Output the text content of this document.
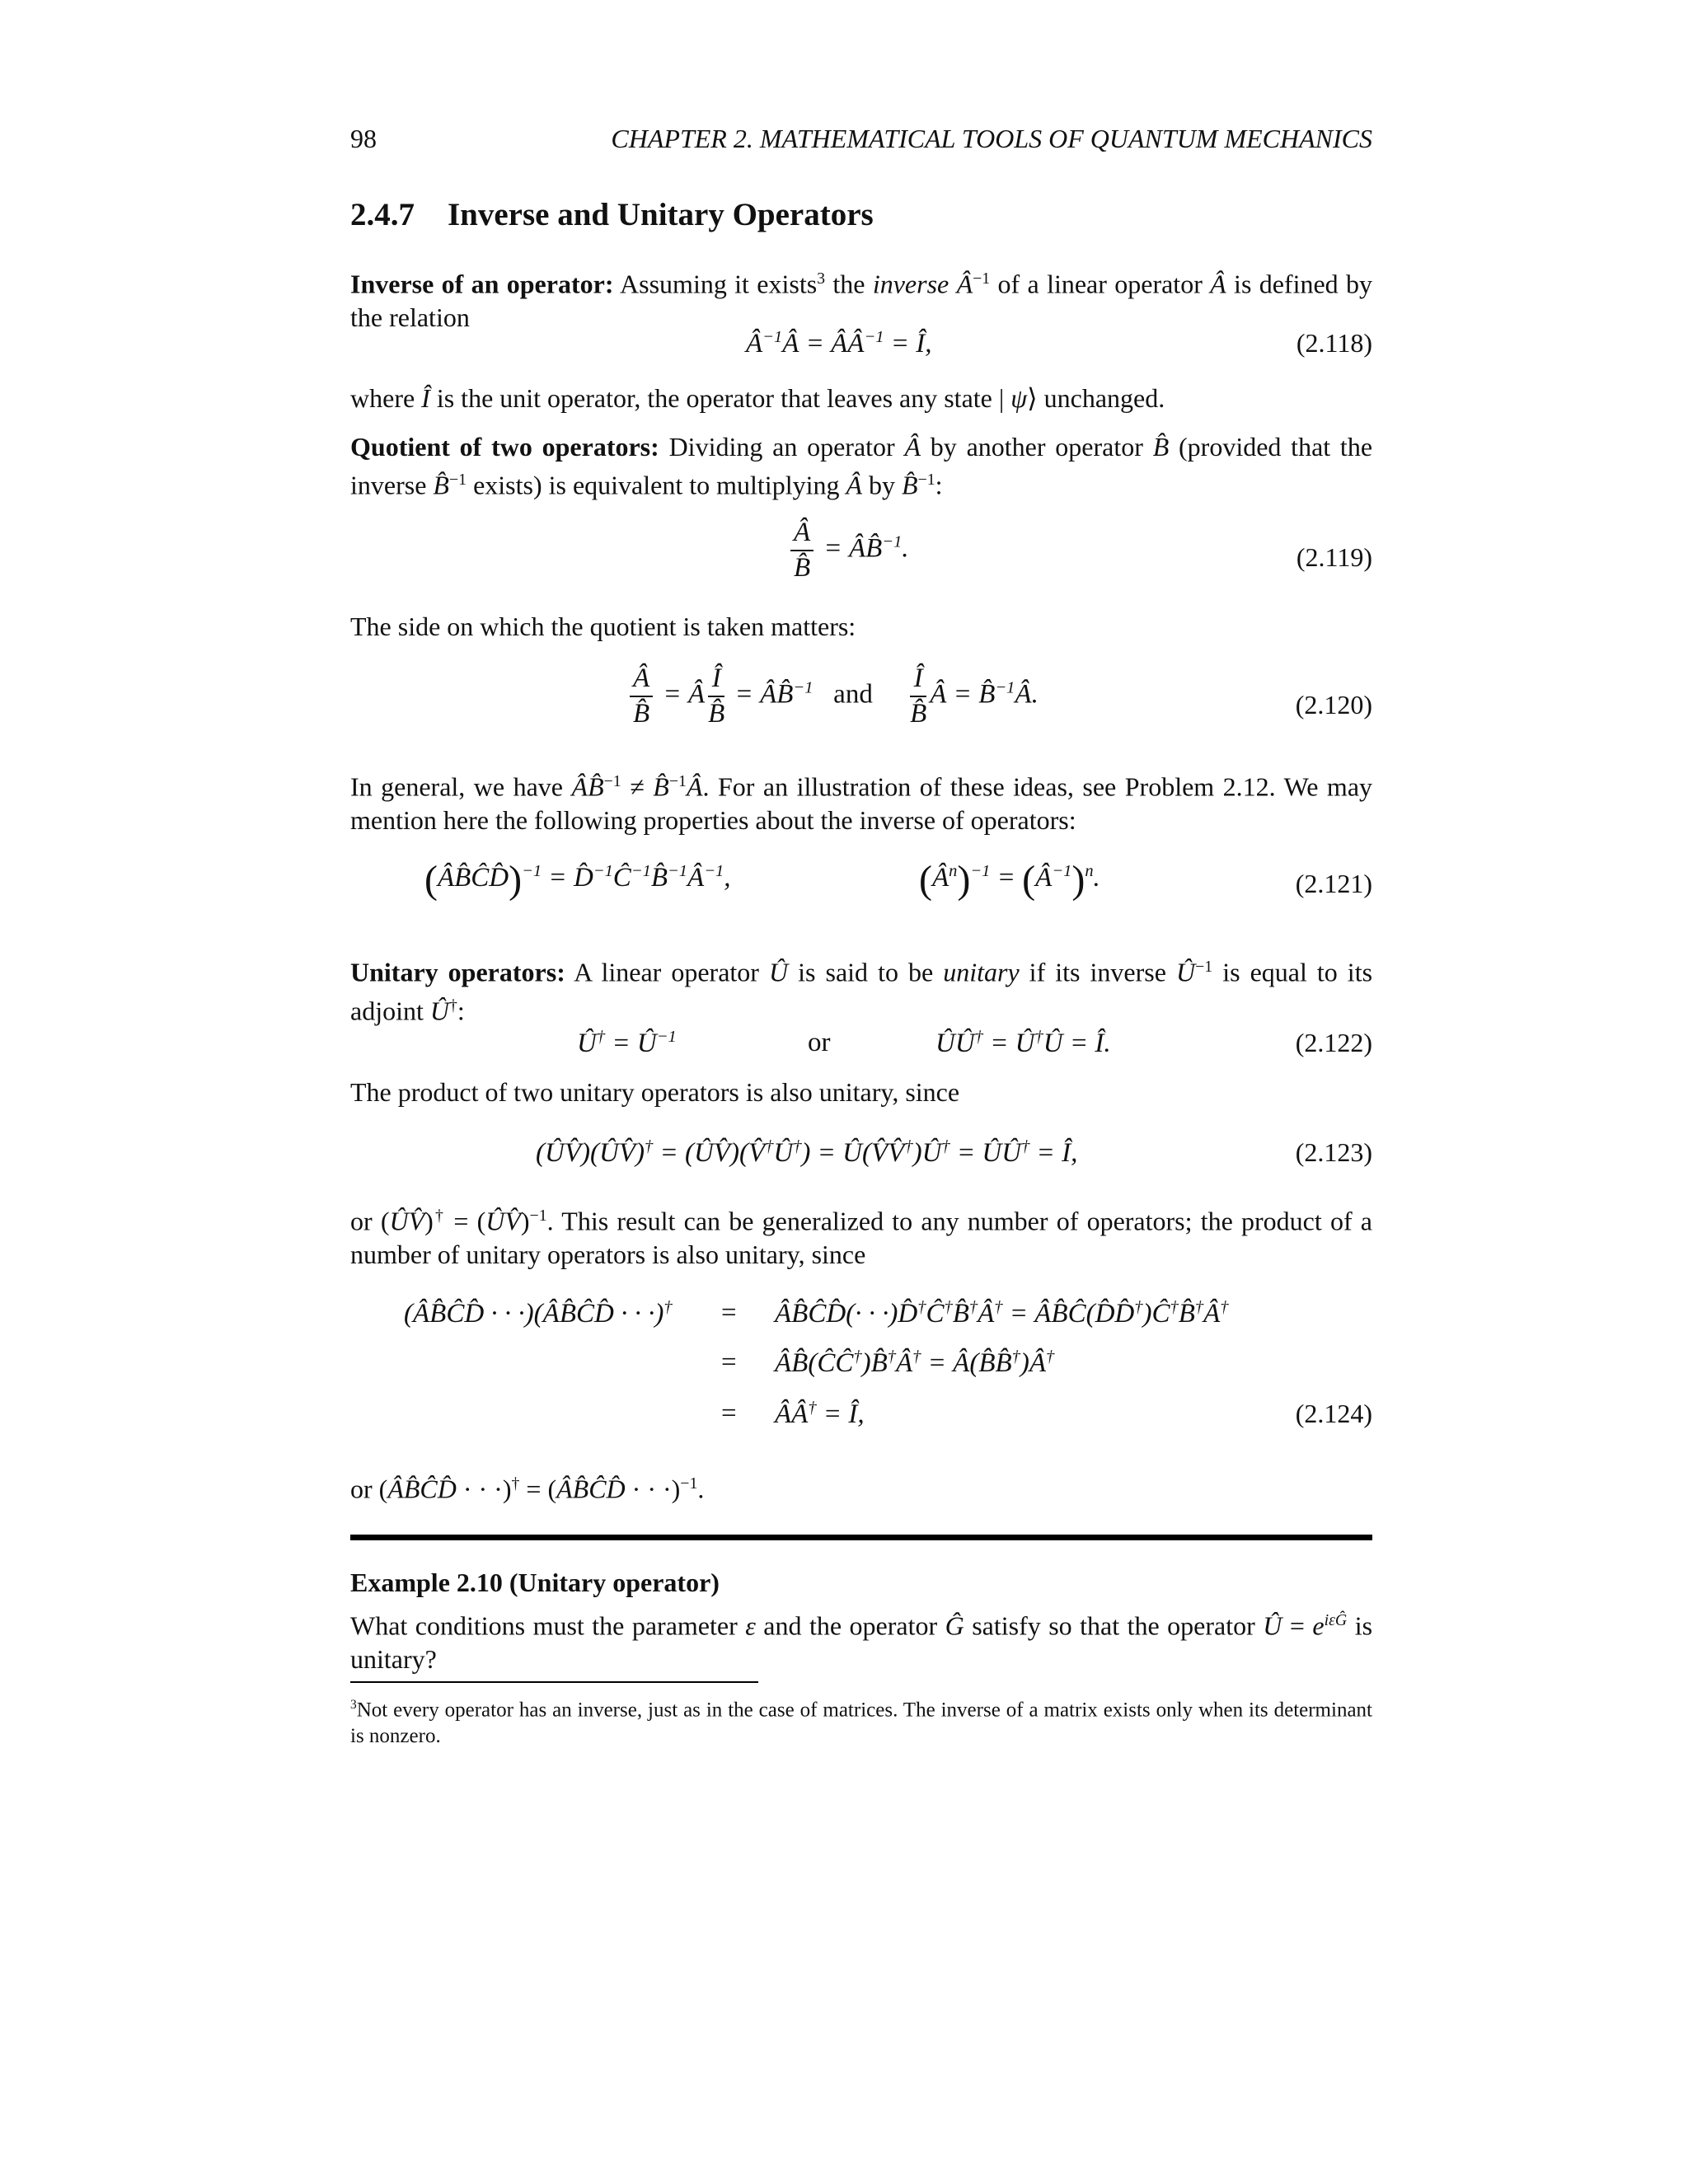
98	CHAPTER 2. MATHEMATICAL TOOLS OF QUANTUM MECHANICS
2.4.7 Inverse and Unitary Operators

Inverse of an operator: Assuming it exists$^3$ the inverse $Â^{-1}$ of a linear operator Â is defined by the relation

$Â^{-1}Â$ = $ÂÂ^{-1}$ = Î,	(2.118)

where Î is the unit operator, the operator that leaves any state | ψ⟩ unchanged.

Quotient of two operators: Dividing an operator Â by another operator B̂ (provided that the inverse B̂$^{-1}$ exists) is equivalent to multiplying Â by B̂$^{-1}$:

$\frac{Â}{B̂}$ = ÂB̂$^{-1}$.	(2.119)

The side on which the quotient is taken matters:

$\frac{Â}{B̂}$ = Â $\frac{Î}{B̂}$ = ÂB̂$^{-1}$ and $\frac{Î}{B̂}$ Â = B̂$^{-1}$Â.	(2.120)

In general, we have ÂB̂$^{-1}$ ≠ B̂$^{-1}$Â. For an illustration of these ideas, see Problem 2.12. We may mention here the following properties about the inverse of operators:

(ÂB̂ĈD̂)$^{-1}$ = $D̂^{-1}Ĉ^{-1}B̂^{-1}Â^{-1}$,	$(Â^n)^{-1}$ = $(Â^{-1})^n$.	(2.121)

Unitary operators: A linear operator Û is said to be unitary if its inverse $Û^{-1}$ is equal to its adjoint Û†:

Û† = $Û^{-1}$	or	ÛÛ† = Û†Û = Î.	(2.122)

The product of two unitary operators is also unitary, since

(ÛV̂)(ÛV̂)† = (ÛV̂)(V̂†Û†) = Û(V̂V̂†)Û† = ÛÛ† = Î,	(2.123)

or (ÛV̂)† = (ÛV̂)$^{-1}$. This result can be generalized to any number of operators; the product of a number of unitary operators is also unitary, since

(ÂB̂ĈD̂ · · ·)(ÂB̂ĈD̂ · · ·)† = ÂB̂ĈD̂(· · ·)D̂†Ĉ†B̂†Â† = ÂB̂Ĉ(D̂D̂†)Ĉ†B̂†Â†
= ÂB̂(ĈĈ†)B̂†Â† = Â(B̂B̂†)Â†
= ÂÂ† = Î,	(2.124)

or (ÂB̂ĈD̂ · · ·)† = (ÂB̂ĈD̂ · · ·)$^{-1}$.

Example 2.10 (Unitary operator)

What conditions must the parameter ε and the operator Ĝ satisfy so that the operator Û = $e^{i\varepsilon Ĝ}$ is unitary?

$^3$Not every operator has an inverse, just as in the case of matrices. The inverse of a matrix exists only when its determinant is nonzero.
